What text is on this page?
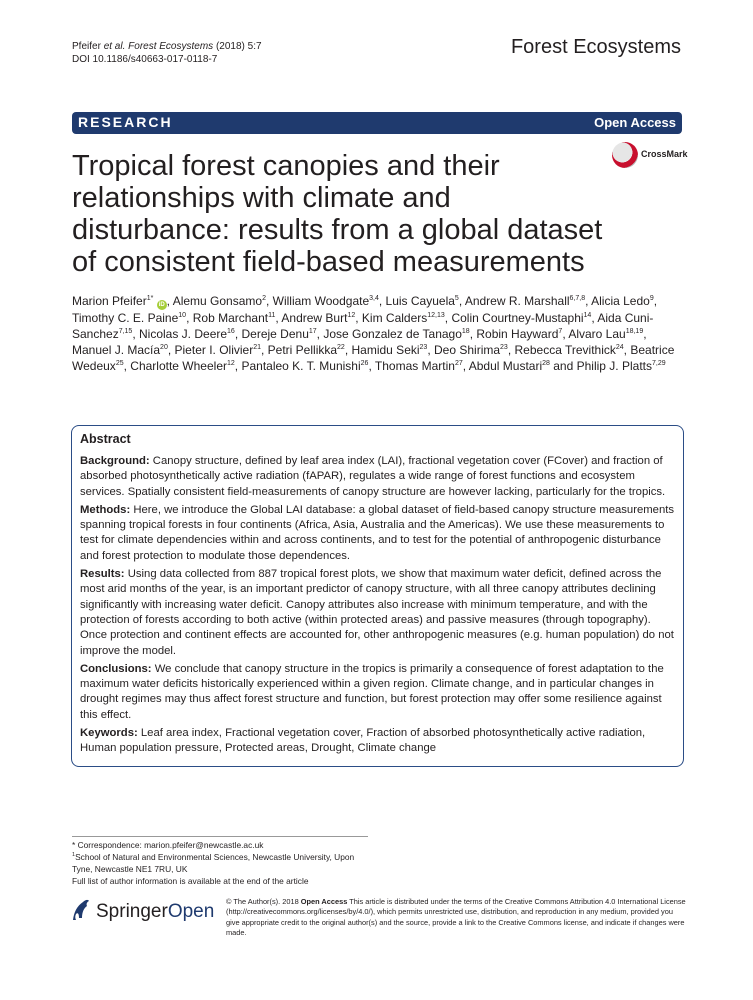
Pfeifer et al. Forest Ecosystems (2018) 5:7
DOI 10.1186/s40663-017-0118-7
Forest Ecosystems
RESEARCH	Open Access
CrossMark
Tropical forest canopies and their relationships with climate and disturbance: results from a global dataset of consistent field-based measurements
Marion Pfeifer$^{1*}$ iD , Alemu Gonsamo$^2$, William Woodgate$^{3,4}$, Luis Cayuela$^5$, Andrew R. Marshall$^{6,7,8}$, Alicia Ledo$^9$, Timothy C. E. Paine$^{10}$, Rob Marchant$^{11}$, Andrew Burt$^{12}$, Kim Calders$^{12,13}$, Colin Courtney-Mustaphi$^{14}$, Aida Cuni-Sanchez$^{7,15}$, Nicolas J. Deere$^{16}$, Dereje Denu$^{17}$, Jose Gonzalez de Tanago$^{18}$, Robin Hayward$^7$, Alvaro Lau$^{18,19}$, Manuel J. Macía$^{20}$, Pieter I. Olivier$^{21}$, Petri Pellikka$^{22}$, Hamidu Seki$^{23}$, Deo Shirima$^{23}$, Rebecca Trevithick$^{24}$, Beatrice Wedeux$^{25}$, Charlotte Wheeler$^{12}$, Pantaleo K. T. Munishi$^{26}$, Thomas Martin$^{27}$, Abdul Mustari$^{28}$ and Philip J. Platts$^{7,29}$
Abstract

Background: Canopy structure, defined by leaf area index (LAI), fractional vegetation cover (FCover) and fraction of absorbed photosynthetically active radiation (fAPAR), regulates a wide range of forest functions and ecosystem services. Spatially consistent field-measurements of canopy structure are however lacking, particularly for the tropics.

Methods: Here, we introduce the Global LAI database: a global dataset of field-based canopy structure measurements spanning tropical forests in four continents (Africa, Asia, Australia and the Americas). We use these measurements to test for climate dependencies within and across continents, and to test for the potential of anthropogenic disturbance and forest protection to modulate those dependences.

Results: Using data collected from 887 tropical forest plots, we show that maximum water deficit, defined across the most arid months of the year, is an important predictor of canopy structure, with all three canopy attributes declining significantly with increasing water deficit. Canopy attributes also increase with minimum temperature, and with the protection of forests according to both active (within protected areas) and passive measures (through topography). Once protection and continent effects are accounted for, other anthropogenic measures (e.g. human population) do not improve the model.

Conclusions: We conclude that canopy structure in the tropics is primarily a consequence of forest adaptation to the maximum water deficits historically experienced within a given region. Climate change, and in particular changes in drought regimes may thus affect forest structure and function, but forest protection may offer some resilience against this effect.

Keywords: Leaf area index, Fractional vegetation cover, Fraction of absorbed photosynthetically active radiation, Human population pressure, Protected areas, Drought, Climate change

* Correspondence: marion.pfeifer@newcastle.ac.uk
$^1$School of Natural and Environmental Sciences, Newcastle University, Upon Tyne, Newcastle NE1 7RU, UK
Full list of author information is available at the end of the article
SpringerOpen © The Author(s). 2018 Open Access This article is distributed under the terms of the Creative Commons Attribution 4.0 International License (http://creativecommons.org/licenses/by/4.0/), which permits unrestricted use, distribution, and reproduction in any medium, provided you give appropriate credit to the original author(s) and the source, provide a link to the Creative Commons license, and indicate if changes were made.
